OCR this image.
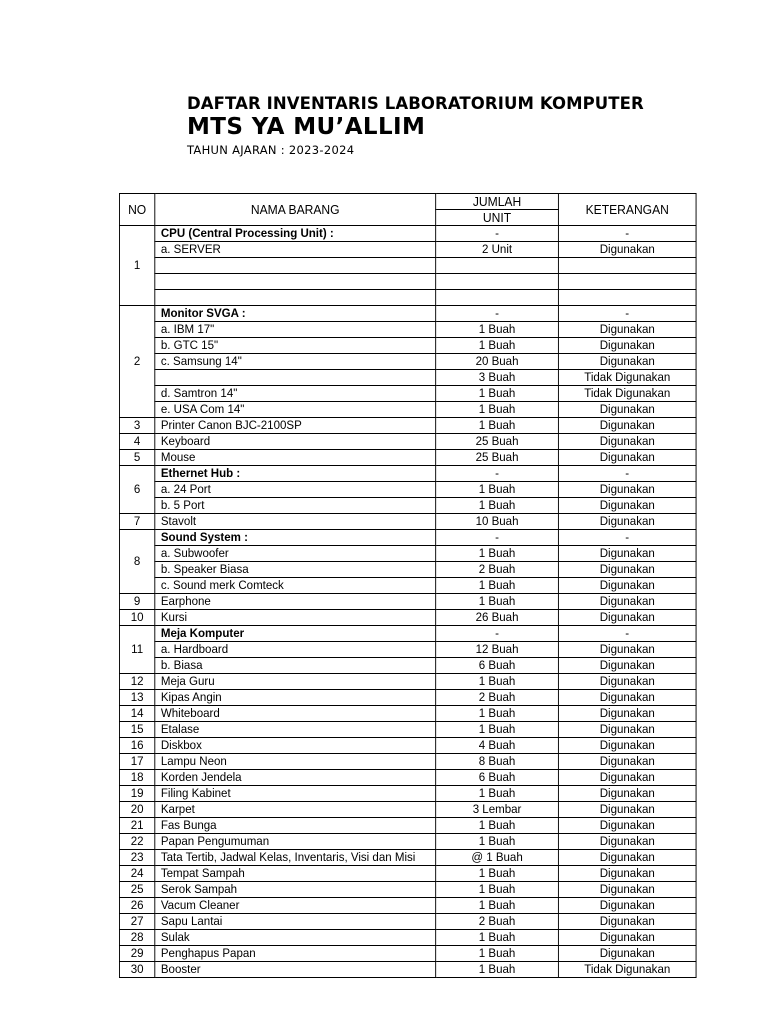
DAFTAR INVENTARIS LABORATORIUM KOMPUTER
MTS YA MU’ALLIM
TAHUN AJARAN : 2023-2024
NO	NAMA BARANG	JUMLAH	KETERANGAN
		UNIT	
1	CPU (Central Processing Unit) :	-	-
	a. SERVER	2 Unit	Digunakan

2	Monitor SVGA :	-	-
	a. IBM 17"	1 Buah	Digunakan
	b. GTC 15"	1 Buah	Digunakan
	c. Samsung 14"	20 Buah	Digunakan
		3 Buah	Tidak Digunakan
	d. Samtron 14"	1 Buah	Tidak Digunakan
	e. USA Com 14"	1 Buah	Digunakan
3	Printer Canon BJC-2100SP	1 Buah	Digunakan
4	Keyboard	25 Buah	Digunakan
5	Mouse	25 Buah	Digunakan
6	Ethernet Hub :	-	-
	a. 24 Port	1 Buah	Digunakan
	b. 5 Port	1 Buah	Digunakan
7	Stavolt	10 Buah	Digunakan
8	Sound System :	-	-
	a. Subwoofer	1 Buah	Digunakan
	b. Speaker Biasa	2 Buah	Digunakan
	c. Sound merk Comteck	1 Buah	Digunakan
9	Earphone	1 Buah	Digunakan
10	Kursi	26 Buah	Digunakan
11	Meja Komputer	-	-
	a. Hardboard	12 Buah	Digunakan
	b. Biasa	6 Buah	Digunakan
12	Meja Guru	1 Buah	Digunakan
13	Kipas Angin	2 Buah	Digunakan
14	Whiteboard	1 Buah	Digunakan
15	Etalase	1 Buah	Digunakan
16	Diskbox	4 Buah	Digunakan
17	Lampu Neon	8 Buah	Digunakan
18	Korden Jendela	6 Buah	Digunakan
19	Filing Kabinet	1 Buah	Digunakan
20	Karpet	3 Lembar	Digunakan
21	Fas Bunga	1 Buah	Digunakan
22	Papan Pengumuman	1 Buah	Digunakan
23	Tata Tertib, Jadwal Kelas, Inventaris, Visi dan Misi	@ 1 Buah	Digunakan
24	Tempat Sampah	1 Buah	Digunakan
25	Serok Sampah	1 Buah	Digunakan
26	Vacum Cleaner	1 Buah	Digunakan
27	Sapu Lantai	2 Buah	Digunakan
28	Sulak	1 Buah	Digunakan
29	Penghapus Papan	1 Buah	Digunakan
30	Booster	1 Buah	Tidak Digunakan
